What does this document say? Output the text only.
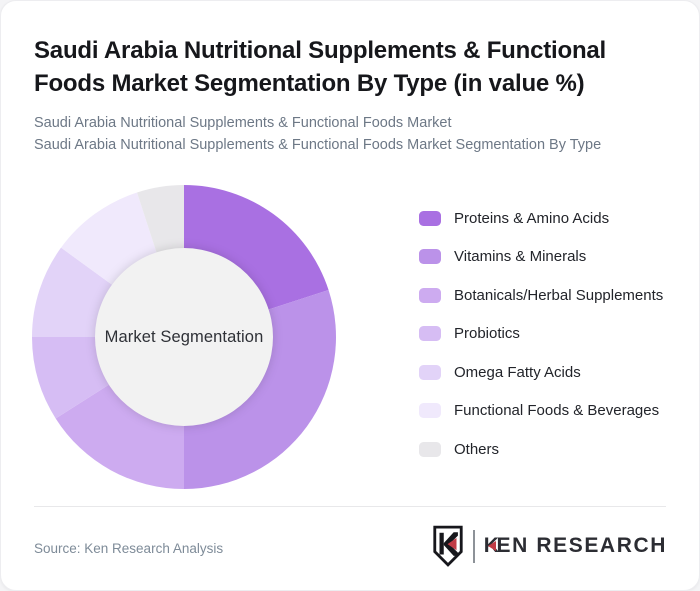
Saudi Arabia Nutritional Supplements & Functional Foods Market Segmentation By Type (in value %)
Saudi Arabia Nutritional Supplements & Functional Foods Market
Saudi Arabia Nutritional Supplements & Functional Foods Market Segmentation By Type
Market Segmentation
Proteins & Amino Acids
Vitamins & Minerals
Botanicals/Herbal Supplements
Probiotics
Omega Fatty Acids
Functional Foods & Beverages
Others
Source: Ken Research Analysis	K
EN RESEARCH
